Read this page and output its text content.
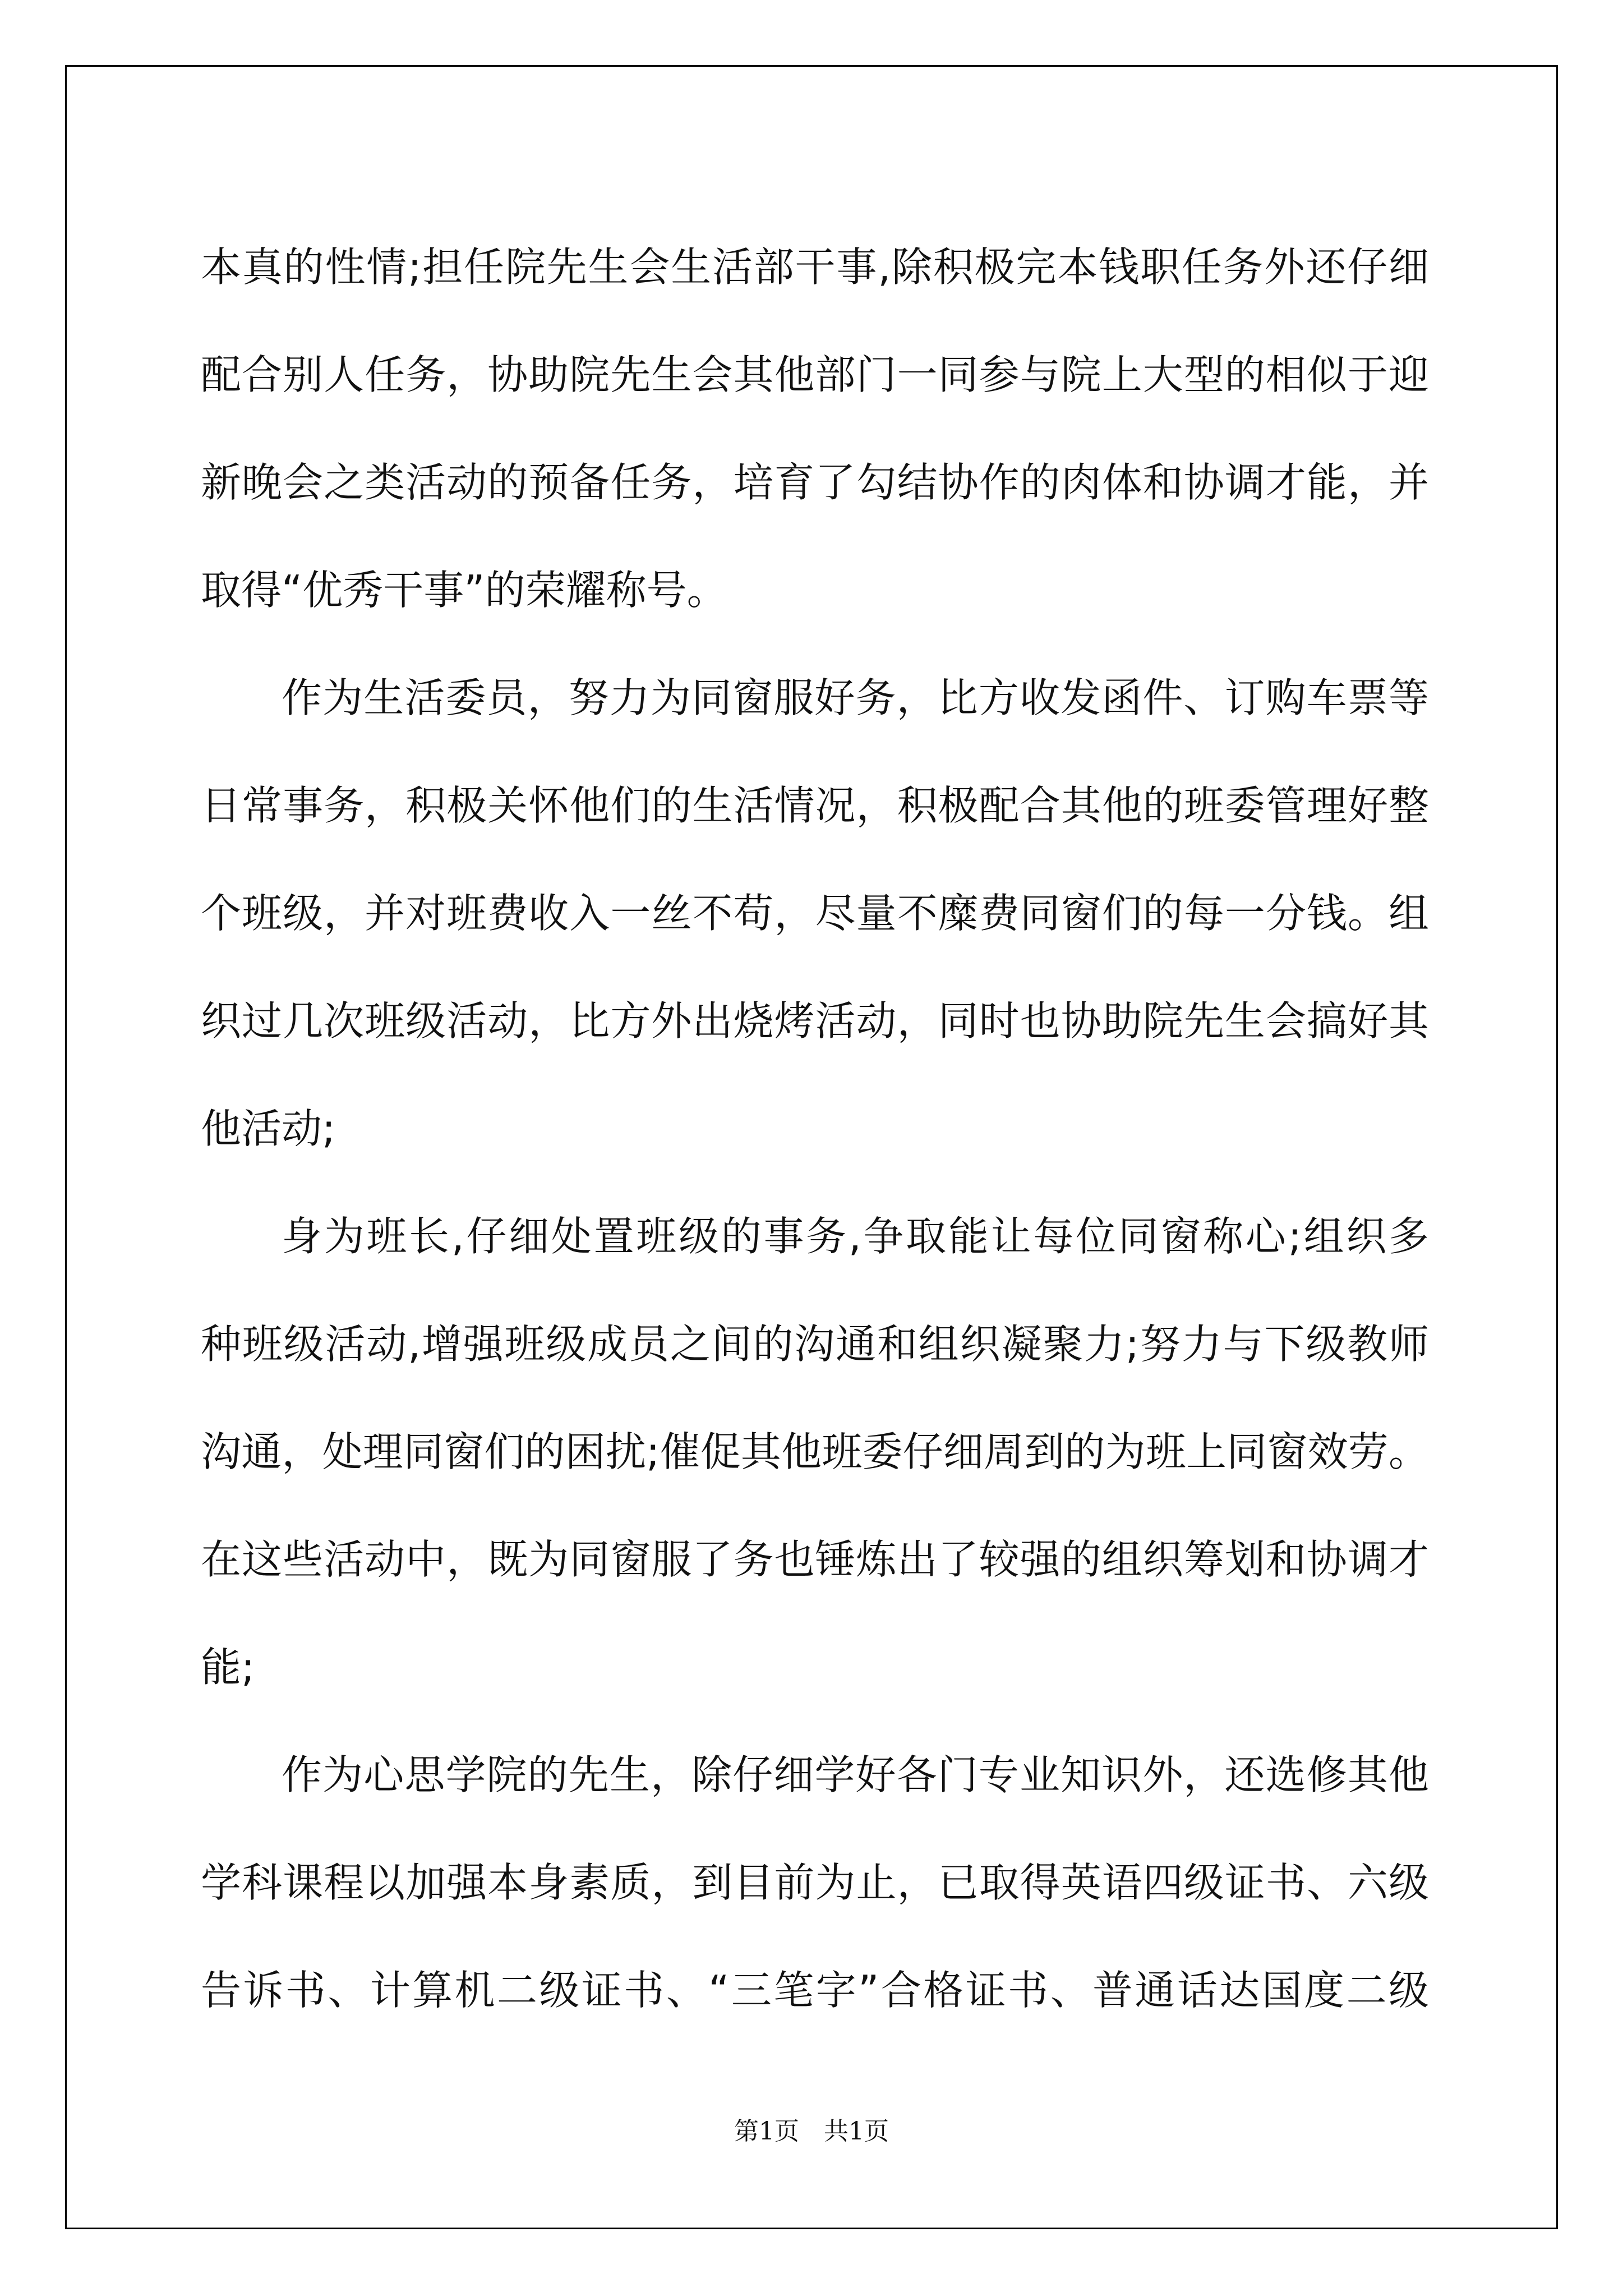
本真的性情;担任院先生会生活部干事,除积极完本钱职任务外还仔细
配合别人任务，协助院先生会其他部门一同参与院上大型的相似于迎
新晚会之类活动的预备任务，培育了勾结协作的肉体和协调才能，并
取得“优秀干事”的荣耀称号。
作为生活委员，努力为同窗服好务，比方收发函件、订购车票等
日常事务，积极关怀他们的生活情况，积极配合其他的班委管理好整
个班级，并对班费收入一丝不苟，尽量不糜费同窗们的每一分钱。组
织过几次班级活动，比方外出烧烤活动，同时也协助院先生会搞好其
他活动;
身为班长,仔细处置班级的事务,争取能让每位同窗称心;组织多
种班级活动,增强班级成员之间的沟通和组织凝聚力;努力与下级教师
沟通，处理同窗们的困扰;催促其他班委仔细周到的为班上同窗效劳。
在这些活动中，既为同窗服了务也锤炼出了较强的组织筹划和协调才
能;
作为心思学院的先生，除仔细学好各门专业知识外，还选修其他
学科课程以加强本身素质，到目前为止，已取得英语四级证书、六级
告诉书、计算机二级证书、“三笔字”合格证书、普通话达国度二级
第1页　共1页
